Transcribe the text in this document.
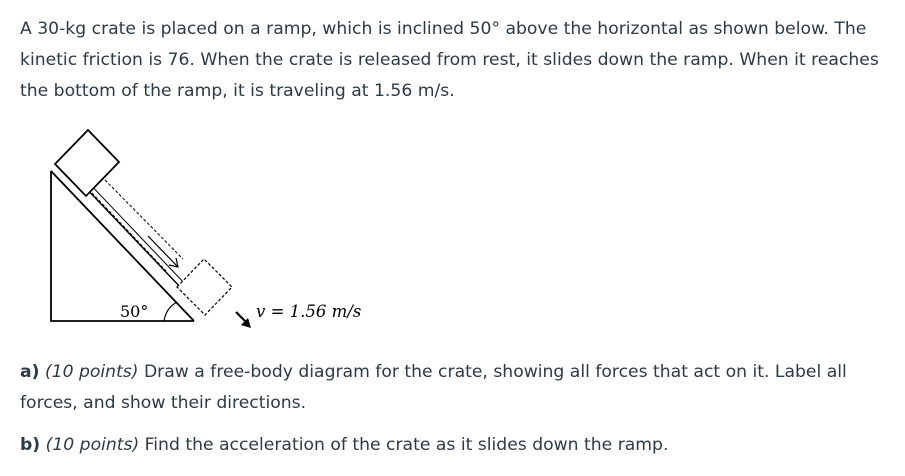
A 30-kg crate is placed on a ramp, which is inclined 50° above the horizontal as shown below. The kinetic friction is 76. When the crate is released from rest, it slides down the ramp. When it reaches the bottom of the ramp, it is traveling at 1.56 m/s.

50°	v = 1.56 m/s

a) (10 points) Draw a free-body diagram for the crate, showing all forces that act on it. Label all forces, and show their directions.

b) (10 points) Find the acceleration of the crate as it slides down the ramp.
